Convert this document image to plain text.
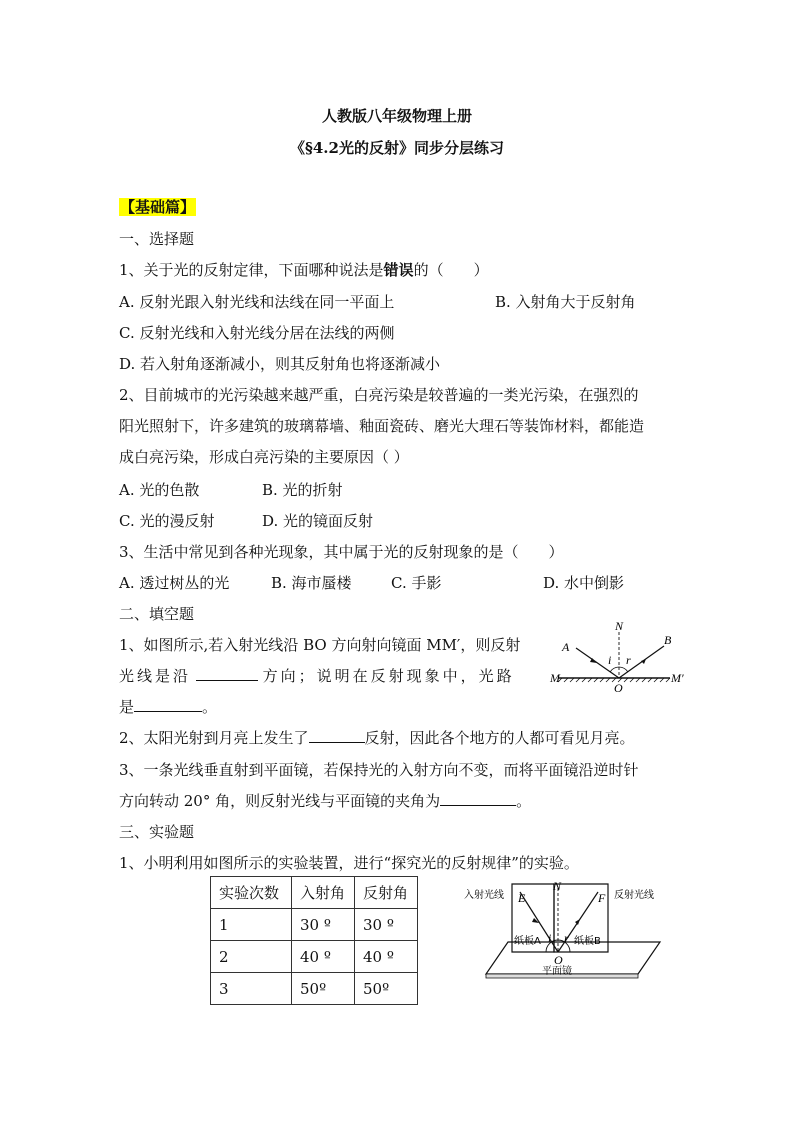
人教版八年级物理上册
《§4.2光的反射》同步分层练习
【基础篇】
一、选择题
1、关于光的反射定律，下面哪种说法是错误的（　　）
A. 反射光跟入射光线和法线在同一平面上	B. 入射角大于反射角
C. 反射光线和入射光线分居在法线的两侧
D. 若入射角逐渐减小，则其反射角也将逐渐减小
2、目前城市的光污染越来越严重，白亮污染是较普遍的一类光污染，在强烈的
阳光照射下，许多建筑的玻璃幕墙、釉面瓷砖、磨光大理石等装饰材料，都能造
成白亮污染，形成白亮污染的主要原因（ ）
A. 光的色散	B. 光的折射
C. 光的漫反射	D. 光的镜面反射
3、生活中常见到各种光现象，其中属于光的反射现象的是（　　）
A. 透过树丛的光	B. 海市蜃楼	C. 手影	D. 水中倒影
二、填空题
1、如图所示,若入射光线沿 BO 方向射向镜面 MM′，则反射
光线是沿	方向；说明在反射现象中，光路
是	。
2、太阳光射到月亮上发生了	反射，因此各个地方的人都可看见月亮。
3、一条光线垂直射到平面镜，若保持光的入射方向不变，而将平面镜沿逆时针
方向转动 20° 角，则反射光线与平面镜的夹角为	。
N
A	B
i r
M
O
M′
三、实验题
1、小明利用如图所示的实验装置，进行“探究光的反射规律”的实验。
实验次数	入射角	反射角
1	30 º	30 º
2	40 º	40 º
3	50º	50º
入射光线	反射光线
E
N
F
i r
O
纸板A	纸板B
平面镜
